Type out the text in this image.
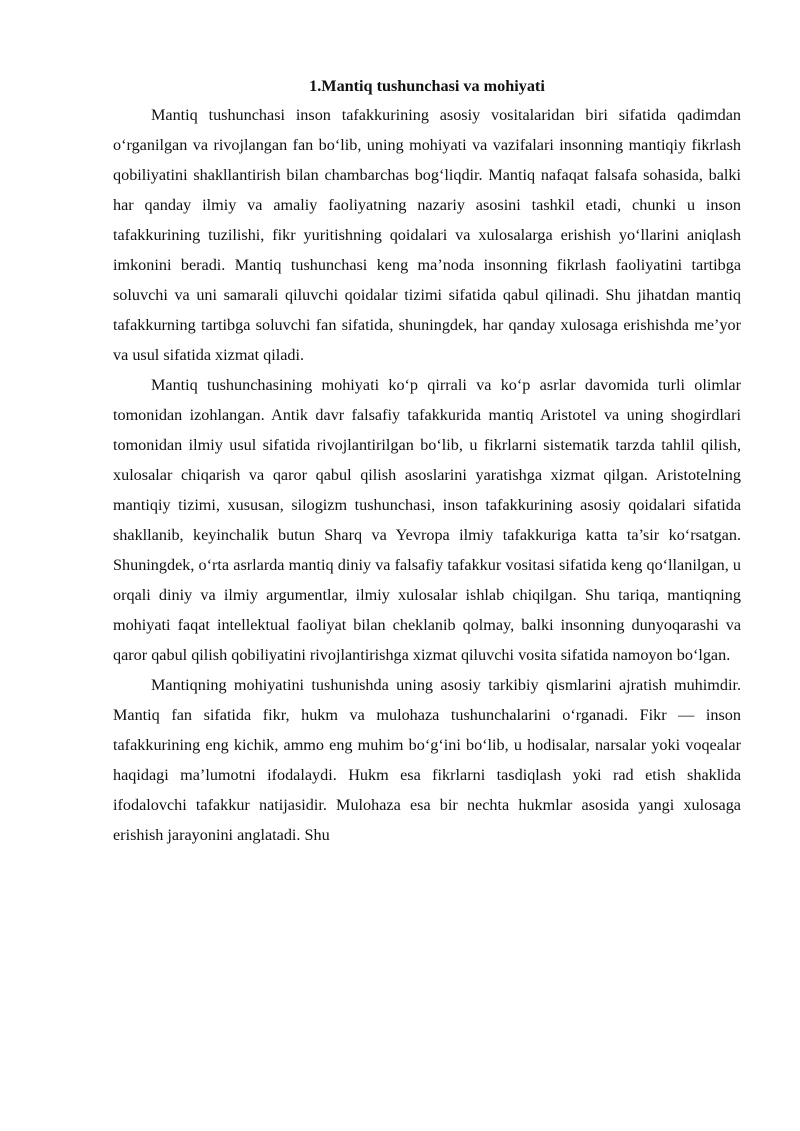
1.Mantiq tushunchasi va mohiyati

Mantiq tushunchasi inson tafakkurining asosiy vositalaridan biri sifatida qadimdan o‘rganilgan va rivojlangan fan bo‘lib, uning mohiyati va vazifalari insonning mantiqiy fikrlash qobiliyatini shakllantirish bilan chambarchas bog‘liqdir. Mantiq nafaqat falsafa sohasida, balki har qanday ilmiy va amaliy faoliyatning nazariy asosini tashkil etadi, chunki u inson tafakkurining tuzilishi, fikr yuritishning qoidalari va xulosalarga erishish yo‘llarini aniqlash imkonini beradi. Mantiq tushunchasi keng ma’noda insonning fikrlash faoliyatini tartibga soluvchi va uni samarali qiluvchi qoidalar tizimi sifatida qabul qilinadi. Shu jihatdan mantiq tafakkurning tartibga soluvchi fan sifatida, shuningdek, har qanday xulosaga erishishda me’yor va usul sifatida xizmat qiladi.

Mantiq tushunchasining mohiyati ko‘p qirrali va ko‘p asrlar davomida turli olimlar tomonidan izohlangan. Antik davr falsafiy tafakkurida mantiq Aristotel va uning shogirdlari tomonidan ilmiy usul sifatida rivojlantirilgan bo‘lib, u fikrlarni sistematik tarzda tahlil qilish, xulosalar chiqarish va qaror qabul qilish asoslarini yaratishga xizmat qilgan. Aristotelning mantiqiy tizimi, xususan, silogizm tushunchasi, inson tafakkurining asosiy qoidalari sifatida shakllanib, keyinchalik butun Sharq va Yevropa ilmiy tafakkuriga katta ta’sir ko‘rsatgan. Shuningdek, o‘rta asrlarda mantiq diniy va falsafiy tafakkur vositasi sifatida keng qo‘llanilgan, u orqali diniy va ilmiy argumentlar, ilmiy xulosalar ishlab chiqilgan. Shu tariqa, mantiqning mohiyati faqat intellektual faoliyat bilan cheklanib qolmay, balki insonning dunyoqarashi va qaror qabul qilish qobiliyatini rivojlantirishga xizmat qiluvchi vosita sifatida namoyon bo‘lgan.

Mantiqning mohiyatini tushunishda uning asosiy tarkibiy qismlarini ajratish muhimdir. Mantiq fan sifatida fikr, hukm va mulohaza tushunchalarini o‘rganadi. Fikr — inson tafakkurining eng kichik, ammo eng muhim bo‘g‘ini bo‘lib, u hodisalar, narsalar yoki voqealar haqidagi ma’lumotni ifodalaydi. Hukm esa fikrlarni tasdiqlash yoki rad etish shaklida ifodalovchi tafakkur natijasidir. Mulohaza esa bir nechta hukmlar asosida yangi xulosaga erishish jarayonini anglatadi. Shu
